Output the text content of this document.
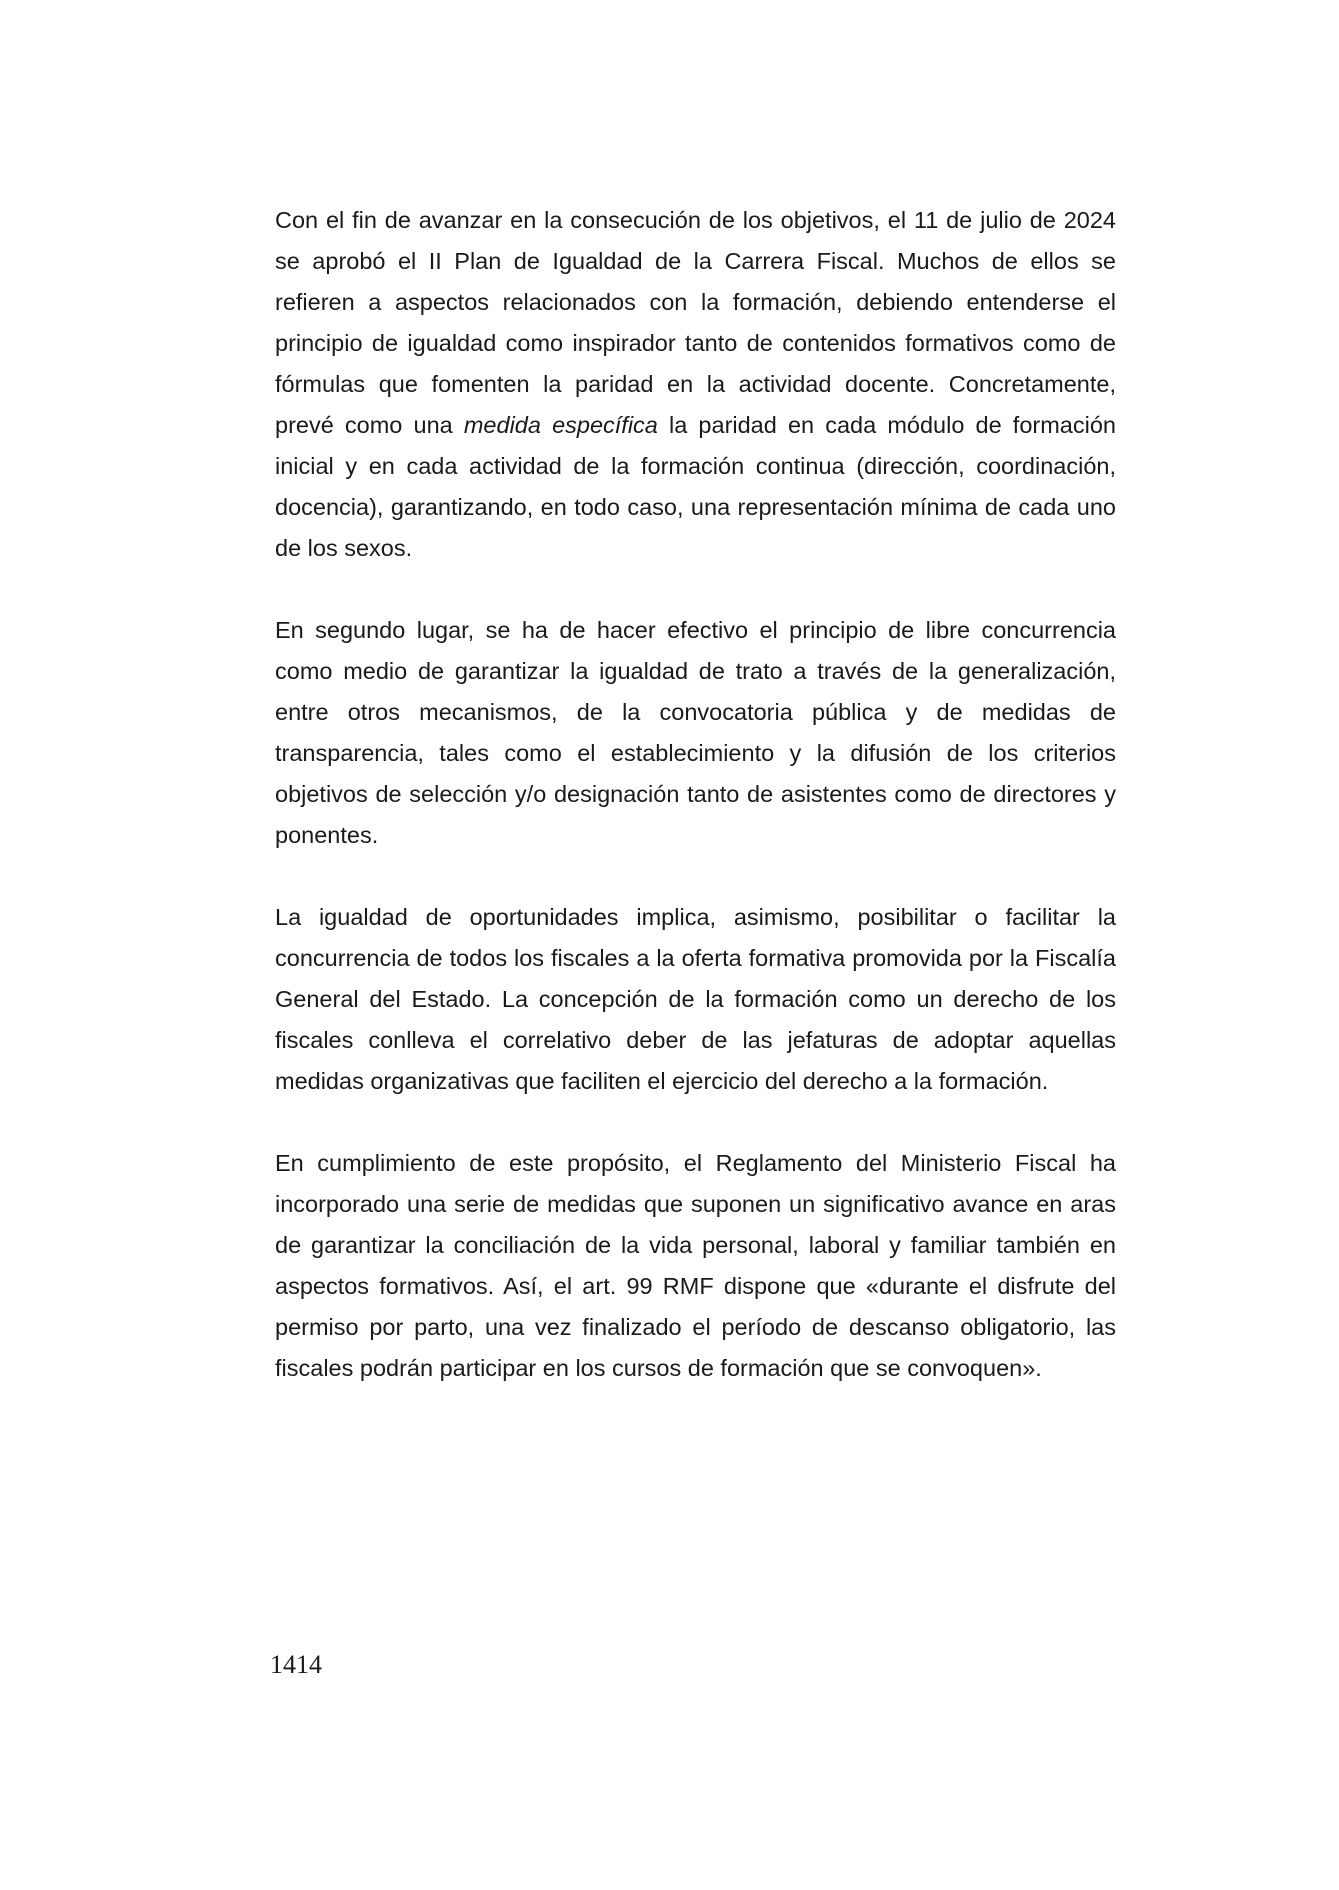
Con el fin de avanzar en la consecución de los objetivos, el 11 de julio de 2024 se aprobó el II Plan de Igualdad de la Carrera Fiscal. Muchos de ellos se refieren a aspectos relacionados con la formación, debiendo entenderse el principio de igualdad como inspirador tanto de contenidos formativos como de fórmulas que fomenten la paridad en la actividad docente. Concretamente, prevé como una medida específica la paridad en cada módulo de formación inicial y en cada actividad de la formación continua (dirección, coordinación, docencia), garantizando, en todo caso, una representación mínima de cada uno de los sexos.

En segundo lugar, se ha de hacer efectivo el principio de libre concurrencia como medio de garantizar la igualdad de trato a través de la generalización, entre otros mecanismos, de la convocatoria pública y de medidas de transparencia, tales como el establecimiento y la difusión de los criterios objetivos de selección y/o designación tanto de asistentes como de directores y ponentes.

La igualdad de oportunidades implica, asimismo, posibilitar o facilitar la concurrencia de todos los fiscales a la oferta formativa promovida por la Fiscalía General del Estado. La concepción de la formación como un derecho de los fiscales conlleva el correlativo deber de las jefaturas de adoptar aquellas medidas organizativas que faciliten el ejercicio del derecho a la formación.

En cumplimiento de este propósito, el Reglamento del Ministerio Fiscal ha incorporado una serie de medidas que suponen un significativo avance en aras de garantizar la conciliación de la vida personal, laboral y familiar también en aspectos formativos. Así, el art. 99 RMF dispone que «durante el disfrute del permiso por parto, una vez finalizado el período de descanso obligatorio, las fiscales podrán participar en los cursos de formación que se convoquen».

1414
